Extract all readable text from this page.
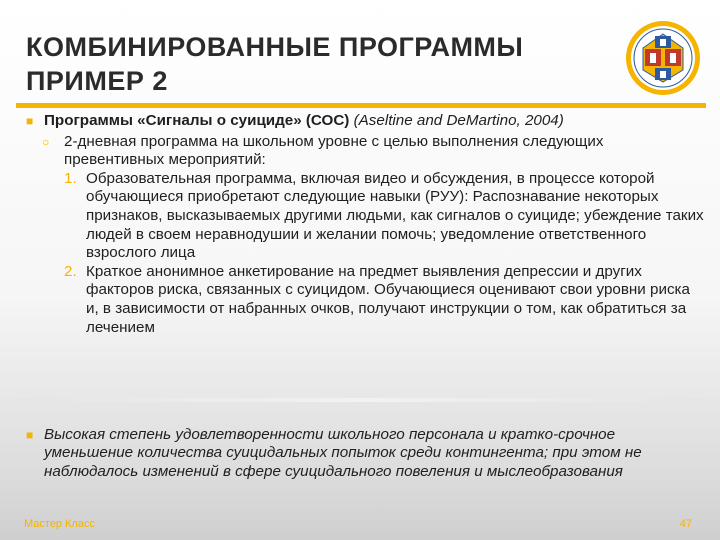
КОМБИНИРОВАННЫЕ ПРОГРАММЫ
ПРИМЕР 2
■ Программы «Сигналы о суициде» (СОС) (Aseltine and DeMartino, 2004)
○ 2-дневная программа на школьном уровне с целью выполнения следующих превентивных мероприятий:
1. Образовательная программа, включая видео и обсуждения, в процессе которой обучающиеся приобретают следующие навыки (РУУ): Распознавание некоторых признаков, высказываемых другими людьми, как сигналов о суициде; убеждение таких людей в своем неравнодушии и желании помочь; уведомление ответственного взрослого лица
2. Краткое анонимное анкетирование на предмет выявления депрессии и других факторов риска, связанных с суицидом. Обучающиеся оценивают свои уровни риска и, в зависимости от набранных очков, получают инструкции о том, как обратиться за лечением
■ Высокая степень удовлетворенности школьного персонала и кратко-срочное уменьшение количества суицидальных попыток среди контингента; при этом не наблюдалось изменений в сфере суицидального повеления и мыслеобразования
Мастер Класс	47
